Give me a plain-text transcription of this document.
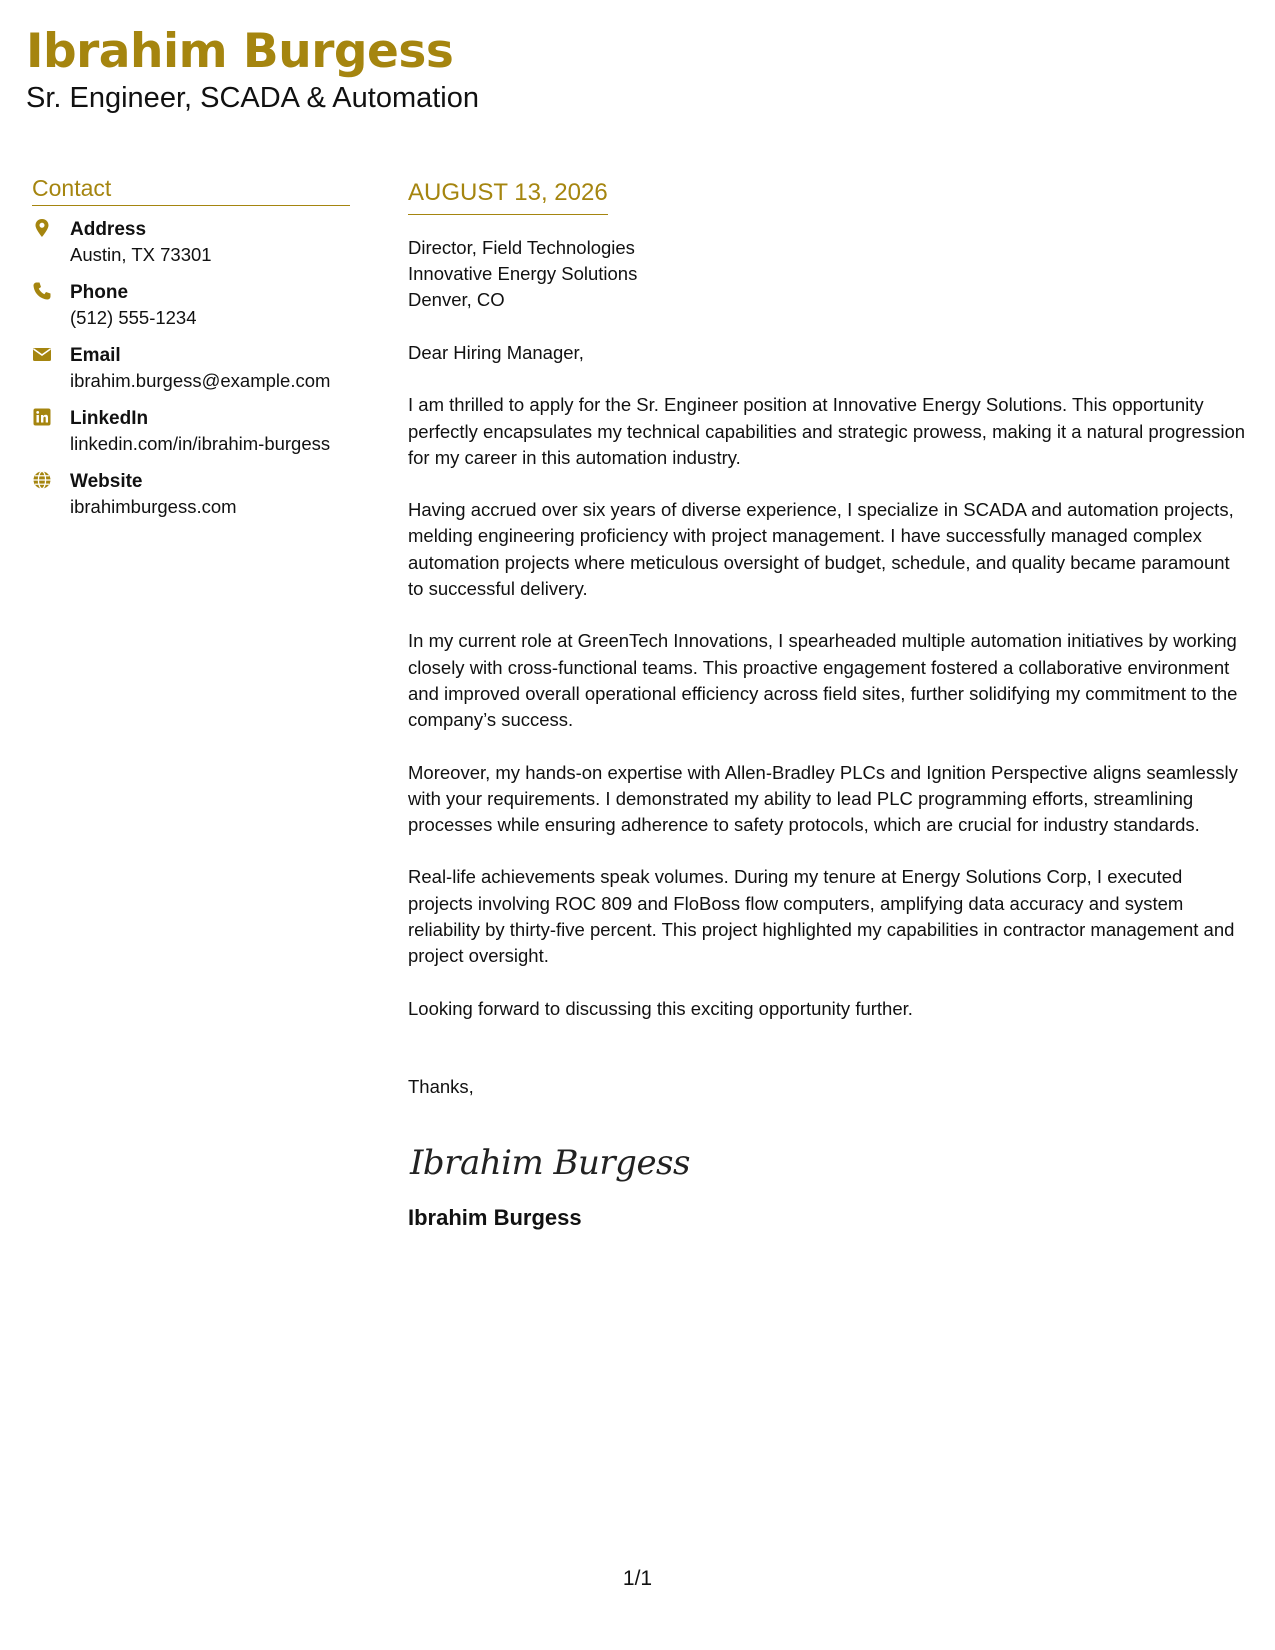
Ibrahim Burgess
Sr. Engineer, SCADA & Automation
Contact
Address
Austin, TX 73301
Phone
(512) 555-1234
Email
ibrahim.burgess@example.com
LinkedIn
linkedin.com/in/ibrahim-burgess
Website
ibrahimburgess.com
AUGUST 13, 2026
Director, Field Technologies
Innovative Energy Solutions
Denver, CO
Dear Hiring Manager,
I am thrilled to apply for the Sr. Engineer position at Innovative Energy Solutions. This opportunity perfectly encapsulates my technical capabilities and strategic prowess, making it a natural progression for my career in this automation industry.
Having accrued over six years of diverse experience, I specialize in SCADA and automation projects, melding engineering proficiency with project management. I have successfully managed complex automation projects where meticulous oversight of budget, schedule, and quality became paramount to successful delivery.
In my current role at GreenTech Innovations, I spearheaded multiple automation initiatives by working closely with cross-functional teams. This proactive engagement fostered a collaborative environment and improved overall operational efficiency across field sites, further solidifying my commitment to the company’s success.
Moreover, my hands-on expertise with Allen-Bradley PLCs and Ignition Perspective aligns seamlessly with your requirements. I demonstrated my ability to lead PLC programming efforts, streamlining processes while ensuring adherence to safety protocols, which are crucial for industry standards.
Real-life achievements speak volumes. During my tenure at Energy Solutions Corp, I executed projects involving ROC 809 and FloBoss flow computers, amplifying data accuracy and system reliability by thirty-five percent. This project highlighted my capabilities in contractor management and project oversight.
Looking forward to discussing this exciting opportunity further.
Thanks,
Ibrahim Burgess
Ibrahim Burgess
1/1
